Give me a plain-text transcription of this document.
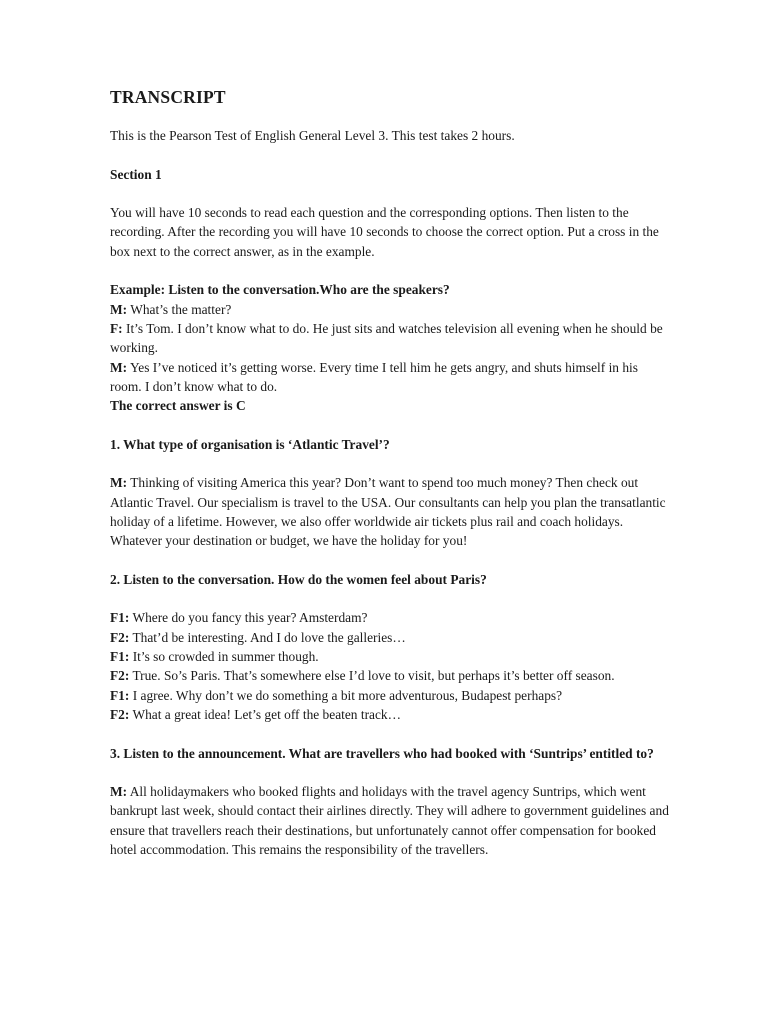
TRANSCRIPT

This is the Pearson Test of English General Level 3. This test takes 2 hours.

Section 1

You will have 10 seconds to read each question and the corresponding options. Then listen to the recording. After the recording you will have 10 seconds to choose the correct option. Put a cross in the box next to the correct answer, as in the example.

Example: Listen to the conversation.Who are the speakers?

M: What’s the matter?

F: It’s Tom. I don’t know what to do. He just sits and watches television all evening when he should be working.

M: Yes I’ve noticed it’s getting worse. Every time I tell him he gets angry, and shuts himself in his room. I don’t know what to do.

The correct answer is C

1. What type of organisation is ‘Atlantic Travel’?

M: Thinking of visiting America this year? Don’t want to spend too much money? Then check out Atlantic Travel. Our specialism is travel to the USA. Our consultants can help you plan the transatlantic holiday of a lifetime. However, we also offer worldwide air tickets plus rail and coach holidays. Whatever your destination or budget, we have the holiday for you!

2. Listen to the conversation. How do the women feel about Paris?

F1: Where do you fancy this year? Amsterdam?

F2: That’d be interesting. And I do love the galleries…

F1: It’s so crowded in summer though.

F2: True. So’s Paris. That’s somewhere else I’d love to visit, but perhaps it’s better off season.

F1: I agree. Why don’t we do something a bit more adventurous, Budapest perhaps?

F2: What a great idea! Let’s get off the beaten track…

3. Listen to the announcement. What are travellers who had booked with ‘Suntrips’ entitled to?

M: All holidaymakers who booked flights and holidays with the travel agency Suntrips, which went bankrupt last week, should contact their airlines directly. They will adhere to government guidelines and ensure that travellers reach their destinations, but unfortunately cannot offer compensation for booked hotel accommodation. This remains the responsibility of the travellers.
